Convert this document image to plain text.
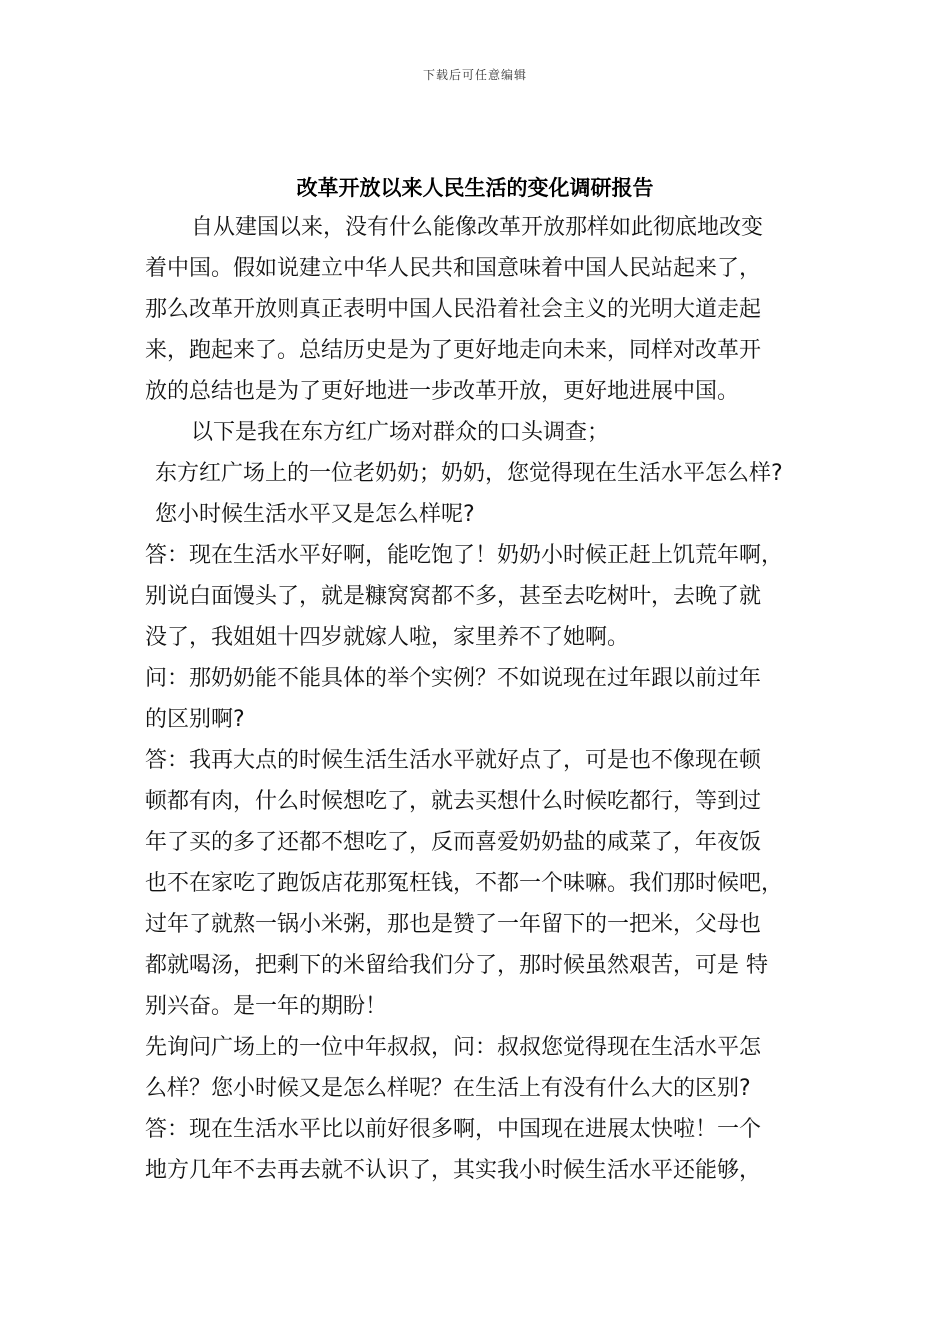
下载后可任意编辑
改革开放以来人民生活的变化调研报告
自从建国以来，没有什么能像改革开放那样如此彻底地改变
着中国。假如说建立中华人民共和国意味着中国人民站起来了，
那么改革开放则真正表明中国人民沿着社会主义的光明大道走起
来，跑起来了。总结历史是为了更好地走向未来，同样对改革开
放的总结也是为了更好地进一步改革开放，更好地进展中国。
以下是我在东方红广场对群众的口头调查；
东方红广场上的一位老奶奶；奶奶，您觉得现在生活水平怎么样?
您小时候生活水平又是怎么样呢?
答：现在生活水平好啊，能吃饱了！奶奶小时候正赶上饥荒年啊，
别说白面馒头了，就是糠窝窝都不多，甚至去吃树叶，去晚了就
没了，我姐姐十四岁就嫁人啦，家里养不了她啊。
问：那奶奶能不能具体的举个实例？不如说现在过年跟以前过年
的区别啊?
答：我再大点的时候生活生活水平就好点了，可是也不像现在顿
顿都有肉，什么时候想吃了，就去买想什么时候吃都行，等到过
年了买的多了还都不想吃了，反而喜爱奶奶盐的咸菜了，年夜饭
也不在家吃了跑饭店花那冤枉钱，不都一个味嘛。我们那时候吧，
过年了就熬一锅小米粥，那也是赞了一年留下的一把米，父母也
都就喝汤，把剩下的米留给我们分了，那时候虽然艰苦，可是 特
别兴奋。是一年的期盼！
先询问广场上的一位中年叔叔，问：叔叔您觉得现在生活水平怎
么样？您小时候又是怎么样呢？在生活上有没有什么大的区别?
答：现在生活水平比以前好很多啊，中国现在进展太快啦！一个
地方几年不去再去就不认识了，其实我小时候生活水平还能够，
